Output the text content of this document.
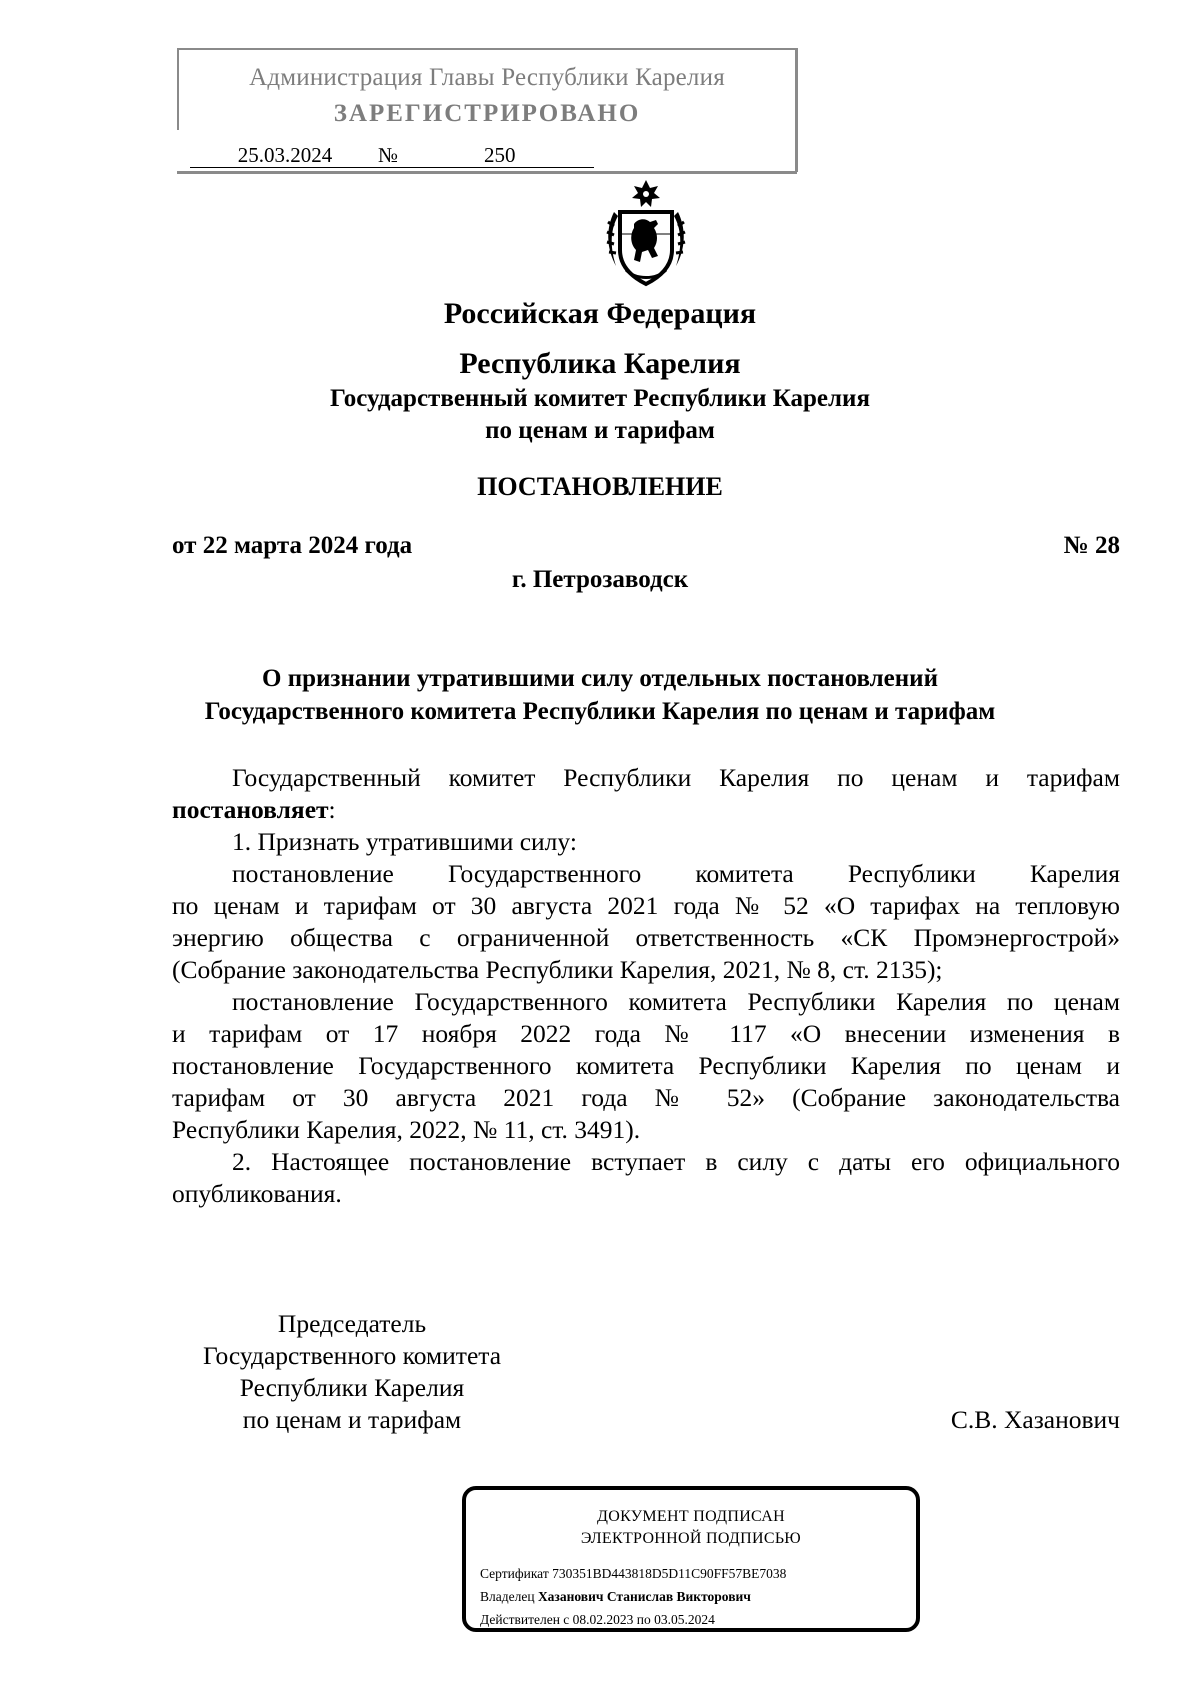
Администрация Главы Республики Карелия
ЗАРЕГИСТРИРОВАНО
25.03.2024	№	250
Российская Федерация
Республика Карелия
Государственный комитет Республики Карелия
по ценам и тарифам
ПОСТАНОВЛЕНИЕ
от 22 марта 2024 года	№ 28
г. Петрозаводск
О признании утратившими силу отдельных постановлений
Государственного комитета Республики Карелия по ценам и тарифам
Государственный комитет Республики Карелия по ценам и тарифам
постановляет:
1. Признать утратившими силу:
постановление Государственного комитета Республики Карелия
по ценам и тарифам от 30 августа 2021 года № 52 «О тарифах на тепловую
энергию общества с ограниченной ответственность «СК Промэнергострой»
(Собрание законодательства Республики Карелия, 2021, № 8, ст. 2135);
постановление Государственного комитета Республики Карелия по ценам
и тарифам от 17 ноября 2022 года № 117 «О внесении изменения в
постановление Государственного комитета Республики Карелия по ценам и
тарифам от 30 августа 2021 года № 52» (Собрание законодательства
Республики Карелия, 2022, № 11, ст. 3491).
2. Настоящее постановление вступает в силу с даты его официального
опубликования.
Председатель
Государственного комитета
Республики Карелия
по ценам и тарифам	С.В. Хазанович
ДОКУМЕНТ ПОДПИСАН
ЭЛЕКТРОННОЙ ПОДПИСЬЮ
Сертификат 730351BD443818D5D11C90FF57BE7038
Владелец Хазанович Станислав Викторович
Действителен с 08.02.2023 по 03.05.2024
